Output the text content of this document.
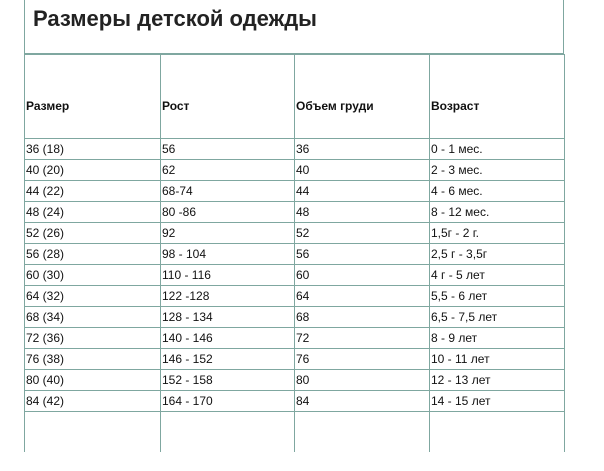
Размеры детской одежды
Размер	Рост	Объем груди	Возраст
36 (18)	56	36	0 - 1 мес.
40 (20)	62	40	2 - 3 мес.
44 (22)	68-74	44	4 - 6 мес.
48 (24)	80 -86	48	8 - 12 мес.
52 (26)	92	52	1,5г - 2 г.
56 (28)	98 - 104	56	2,5 г - 3,5г
60 (30)	110 - 116	60	4 г - 5 лет
64 (32)	122 -128	64	5,5 - 6 лет
68 (34)	128 - 134	68	6,5 - 7,5 лет
72 (36)	140 - 146	72	8 - 9 лет
76 (38)	146 - 152	76	10 - 11 лет
80 (40)	152 - 158	80	12 - 13 лет
84 (42)	164 - 170	84	14 - 15 лет
